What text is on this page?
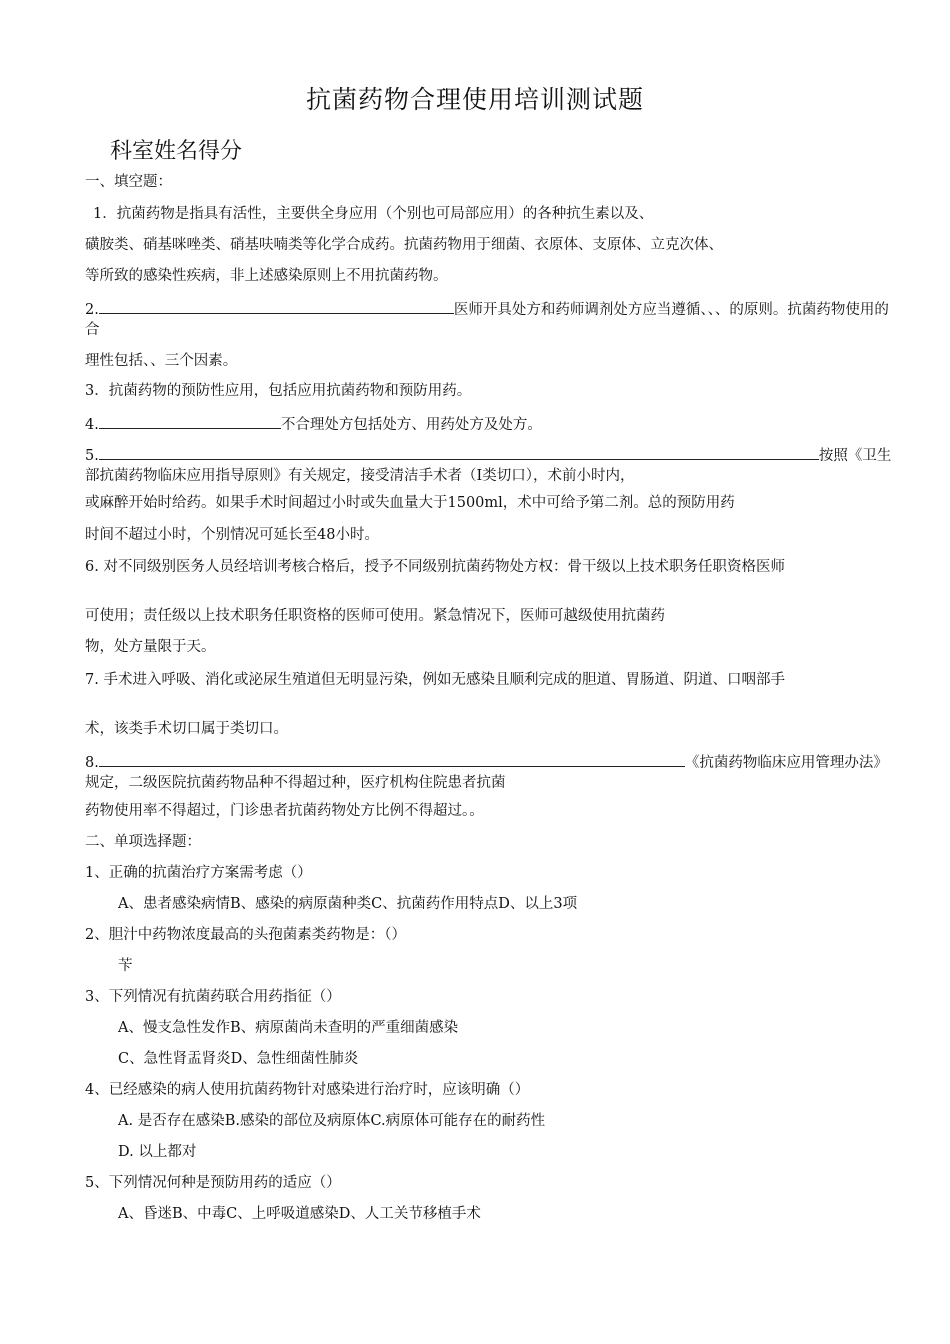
抗菌药物合理使用培训测试题
科室姓名得分
一、填空题：
1．抗菌药物是指具有活性，主要供全身应用（个别也可局部应用）的各种抗生素以及、
磺胺类、硝基咪唑类、硝基呋喃类等化学合成药。抗菌药物用于细菌、衣原体、支原体、立克次体、
等所致的感染性疾病，非上述感染原则上不用抗菌药物。
2.	医师开具处方和药师调剂处方应当遵循、、、的原则。抗菌药物使用的合
理性包括、、三个因素。
3．抗菌药物的预防性应用，包括应用抗菌药物和预防用药。
4.	不合理处方包括处方、用药处方及处方。
5.	按照《卫生部抗菌药物临床应用指导原则》有关规定，接受清洁手术者（I类切口），术前小时内，
或麻醉开始时给药。如果手术时间超过小时或失血量大于1500ml，术中可给予第二剂。总的预防用药
时间不超过小时，个别情况可延长至48小时。
6. 对不同级别医务人员经培训考核合格后，授予不同级别抗菌药物处方权：骨干级以上技术职务任职资格医师
可使用；责任级以上技术职务任职资格的医师可使用。紧急情况下，医师可越级使用抗菌药
物，处方量限于天。
7. 手术进入呼吸、消化或泌尿生殖道但无明显污染，例如无感染且顺利完成的胆道、胃肠道、阴道、口咽部手
术，该类手术切口属于类切口。
8.	《抗菌药物临床应用管理办法》规定，二级医院抗菌药物品种不得超过种，医疗机构住院患者抗菌
药物使用率不得超过，门诊患者抗菌药物处方比例不得超过。。
二、单项选择题：
1、正确的抗菌治疗方案需考虑（）
A、患者感染病情B、感染的病原菌种类C、抗菌药作用特点D、以上3项
2、胆汁中药物浓度最高的头孢菌素类药物是：（）
苄
3、下列情况有抗菌药联合用药指征（）
A、慢支急性发作B、病原菌尚未查明的严重细菌感染
C、急性肾盂肾炎D、急性细菌性肺炎
4、已经感染的病人使用抗菌药物针对感染进行治疗时，应该明确（）
A. 是否存在感染B.感染的部位及病原体C.病原体可能存在的耐药性
D. 以上都对
5、下列情况何种是预防用药的适应（）
A、昏迷B、中毒C、上呼吸道感染D、人工关节移植手术
